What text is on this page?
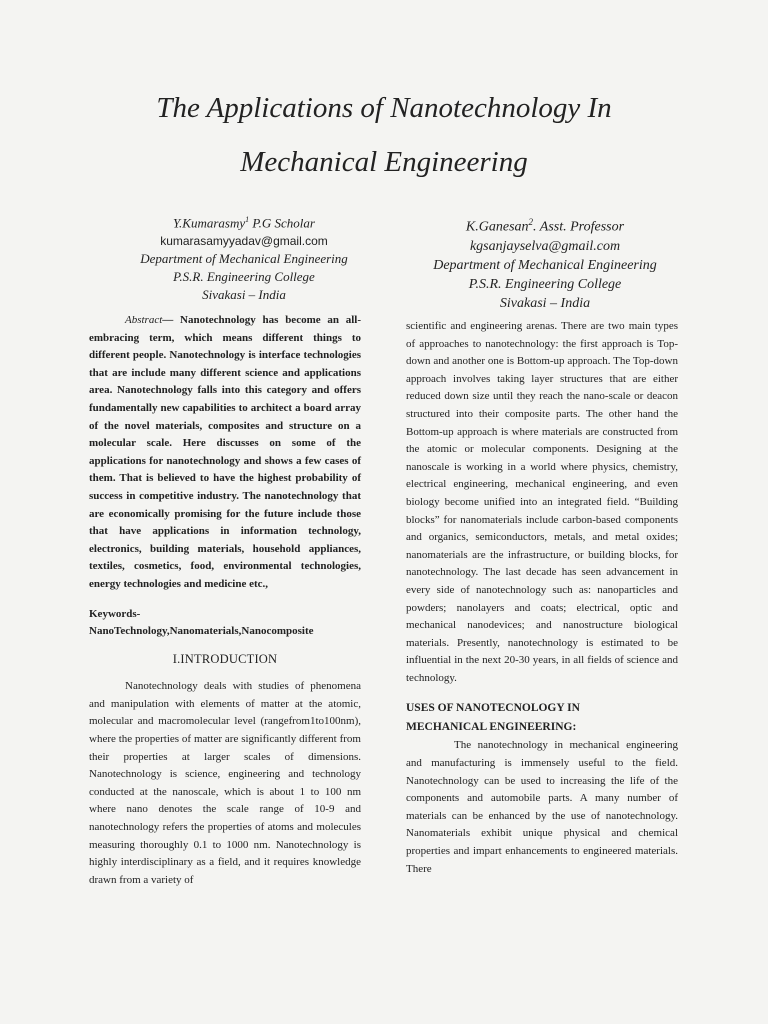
The Applications of Nanotechnology In
Mechanical Engineering
Y.Kumarasmy$^1$ P.G Scholar
kumarasamyyadav@gmail.com
Department of Mechanical Engineering
P.S.R. Engineering College
Sivakasi – India
K.Ganesan$^2$. Asst. Professor
kgsanjayselva@gmail.com
Department of Mechanical Engineering
P.S.R. Engineering College
Sivakasi – India

Abstract— Nanotechnology has become an all-embracing term, which means different things to different people. Nanotechnology is interface technologies that are include many different science and applications area. Nanotechnology falls into this category and offers fundamentally new capabilities to architect a board array of the novel materials, composites and structure on a molecular scale. Here discusses on some of the applications for nanotechnology and shows a few cases of them. That is believed to have the highest probability of success in competitive industry. The nanotechnology that are economically promising for the future include those that have applications in information technology, electronics, building materials, household appliances, textiles, cosmetics, food, environmental technologies, energy technologies and medicine etc.,

Keywords-
NanoTechnology,Nanomaterials,Nanocomposite

I.INTRODUCTION

Nanotechnology deals with studies of phenomena and manipulation with elements of matter at the atomic, molecular and macromolecular level (rangefrom1to100nm), where the properties of matter are significantly different from their properties at larger scales of dimensions. Nanotechnology is science, engineering and technology conducted at the nanoscale, which is about 1 to 100 nm where nano denotes the scale range of 10-9 and nanotechnology refers the properties of atoms and molecules measuring thoroughly 0.1 to 1000 nm. Nanotechnology is highly interdisciplinary as a field, and it requires knowledge drawn from a variety of

scientific and engineering arenas. There are two main types of approaches to nanotechnology: the first approach is Top-down and another one is Bottom-up approach. The Top-down approach involves taking layer structures that are either reduced down size until they reach the nano-scale or deacon structured into their composite parts. The other hand the Bottom-up approach is where materials are constructed from the atomic or molecular components. Designing at the nanoscale is working in a world where physics, chemistry, electrical engineering, mechanical engineering, and even biology become unified into an integrated field. “Building blocks” for nanomaterials include carbon-based components and organics, semiconductors, metals, and metal oxides; nanomaterials are the infrastructure, or building blocks, for nanotechnology. The last decade has seen advancement in every side of nanotechnology such as: nanoparticles and powders; nanolayers and coats; electrical, optic and mechanical nanodevices; and nanostructure biological materials. Presently, nanotechnology is estimated to be influential in the next 20-30 years, in all fields of science and technology.

USES OF NANOTECNOLOGY IN
MECHANICAL ENGINEERING:

The nanotechnology in mechanical engineering and manufacturing is immensely useful to the field. Nanotechnology can be used to increasing the life of the components and automobile parts. A many number of materials can be enhanced by the use of nanotechnology. Nanomaterials exhibit unique physical and chemical properties and impart enhancements to engineered materials. There
